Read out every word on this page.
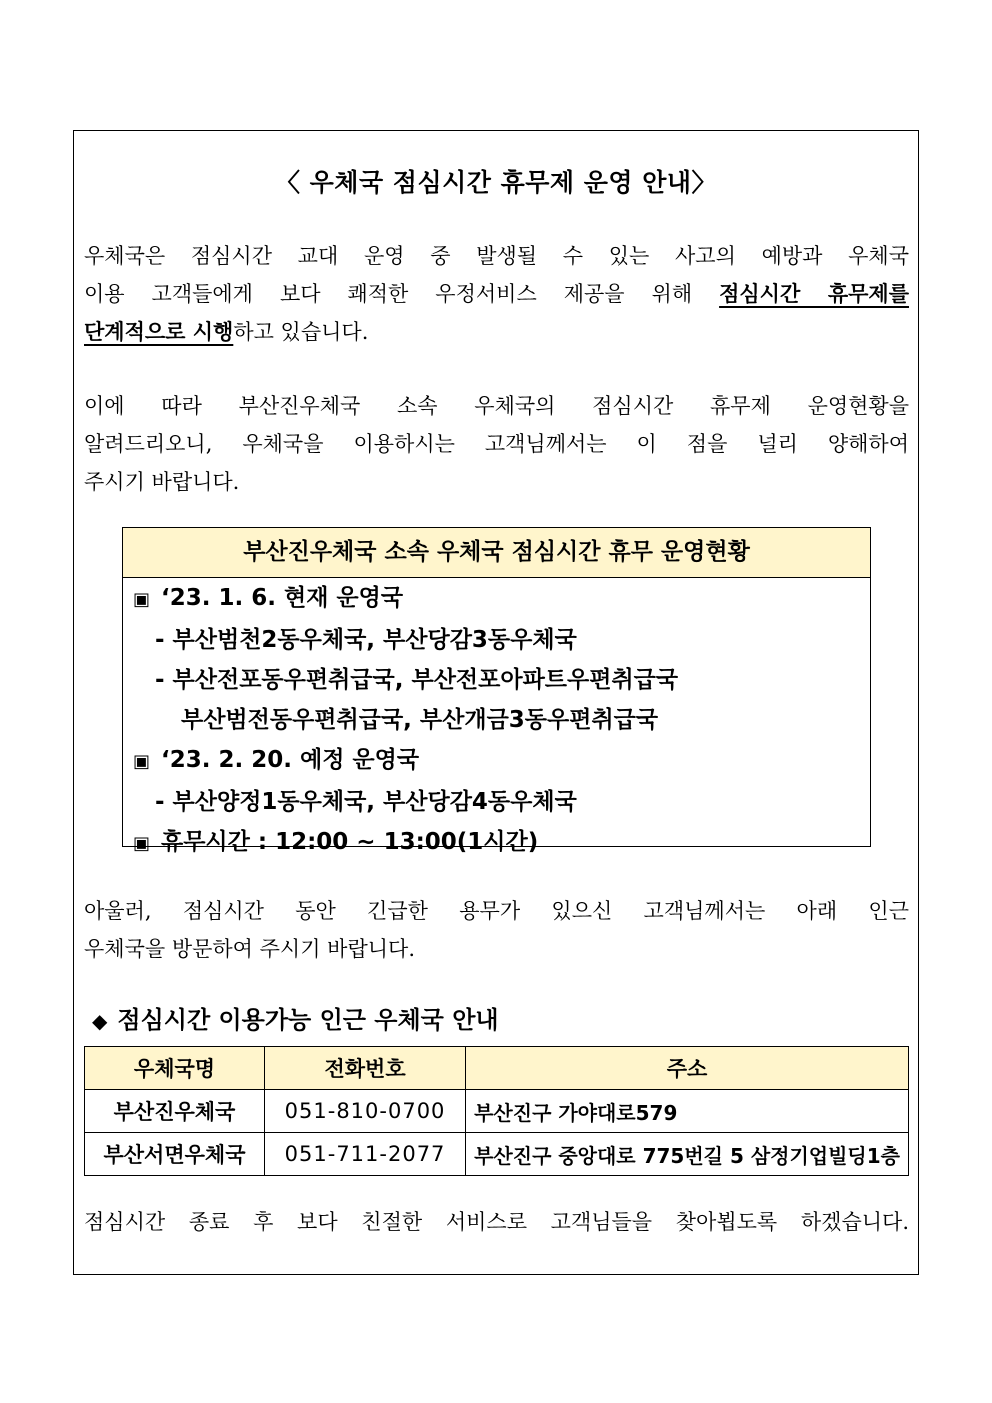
〈 우체국 점심시간 휴무제 운영 안내〉
우체국은 점심시간 교대 운영 중 발생될 수 있는 사고의 예방과 우체국
이용 고객들에게 보다 쾌적한 우정서비스 제공을 위해 점심시간 휴무제를
단계적으로 시행하고 있습니다.
이에 따라 부산진우체국 소속 우체국의 점심시간 휴무제 운영현황을
알려드리오니, 우체국을 이용하시는 고객님께서는 이 점을 널리 양해하여
주시기 바랍니다.
부산진우체국 소속 우체국 점심시간 휴무 운영현황
▣ ‘23. 1. 6. 현재 운영국
- 부산범천2동우체국, 부산당감3동우체국
- 부산전포동우편취급국, 부산전포아파트우편취급국
부산범전동우편취급국, 부산개금3동우편취급국
▣ ‘23. 2. 20. 예정 운영국
- 부산양정1동우체국, 부산당감4동우체국
▣ 휴무시간 : 12:00 ~ 13:00(1시간)
아울러, 점심시간 동안 긴급한 용무가 있으신 고객님께서는 아래 인근
우체국을 방문하여 주시기 바랍니다.
◆ 점심시간 이용가능 인근 우체국 안내
우체국명	전화번호	주소
부산진우체국	051-810-0700	부산진구 가야대로579
부산서면우체국	051-711-2077	부산진구 중앙대로 775번길 5 삼정기업빌딩1층
점심시간 종료 후 보다 친절한 서비스로 고객님들을 찾아뵙도록 하겠습니다.
